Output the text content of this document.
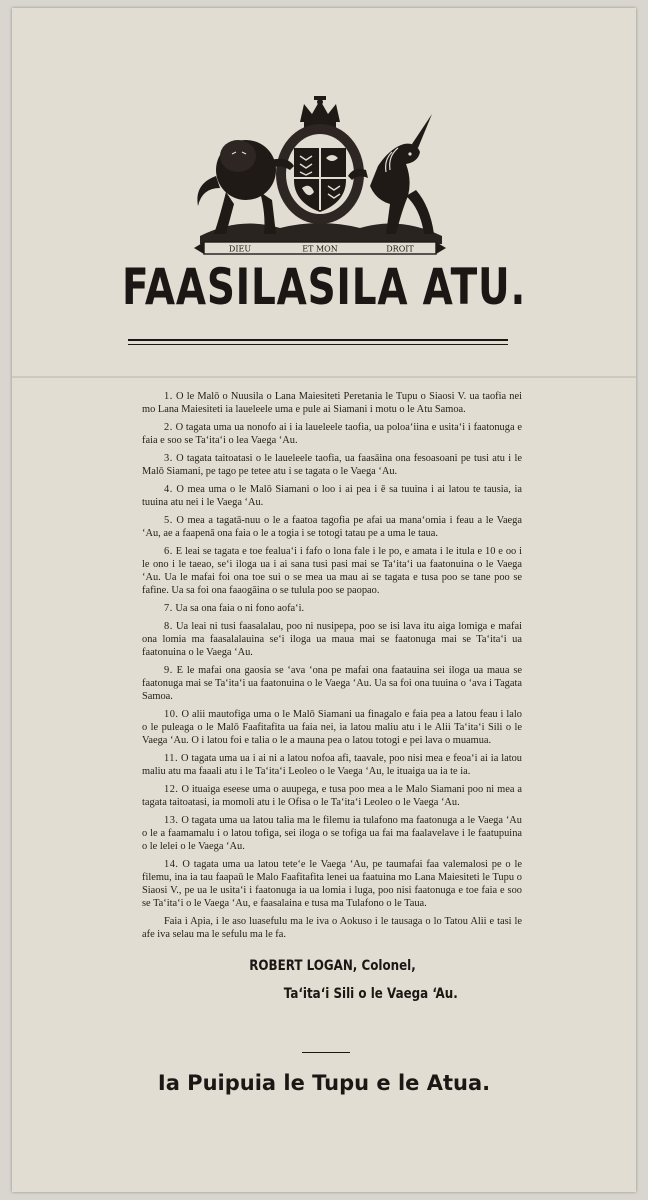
DIEU	ET MON	DROIT
FAASILASILA ATU.

1. O le Malō o Nuusila o Lana Maiesiteti Peretania le Tupu o Siaosi V. ua taofia nei mo Lana Maiesiteti ia laueleele uma e pule ai Siamani i motu o le Atu Samoa.

2. O tagata uma ua nonofo ai i ia laueleele taofia, ua poloa‘iina e usita‘i i faatonuga e faia e soo se Ta‘ita‘i o lea Vaega ‘Au.

3. O tagata taitoatasi o le laueleele taofia, ua faasāina ona fesoasoani pe tusi atu i le Malō Siamani, pe tago pe tetee atu i se tagata o le Vaega ‘Au.

4. O mea uma o le Malō Siamani o loo i ai pea i ē sa tuuina i ai latou te tausia, ia tuuina atu nei i le Vaega ‘Au.

5. O mea a tagatā-nuu o le a faatoa tagofia pe afai ua mana‘omia i feau a le Vaega ‘Au, ae a faapenā ona faia o le a togia i se totogi tatau pe a uma le taua.

6. E leai se tagata e toe fealua‘i i fafo o lona fale i le po, e amata i le itula e 10 e oo i le ono i le taeao, se‘i iloga ua i ai sana tusi pasi mai se Ta‘ita‘i ua faatonuina o le Vaega ‘Au. Ua le mafai foi ona toe sui o se mea ua mau ai se tagata e tusa poo se tane poo se fafine. Ua sa foi ona faaogāina o se tulula poo se paopao.

7. Ua sa ona faia o ni fono aofa‘i.

8. Ua leai ni tusi faasalalau, poo ni nusipepa, poo se isi lava itu aiga lomiga e mafai ona lomia ma faasalalauina se‘i iloga ua maua mai se faatonuga mai se Ta‘ita‘i ua faatonuina o le Vaega ‘Au.

9. E le mafai ona gaosia se ‘ava ‘ona pe mafai ona faatauina sei iloga ua maua se faatonuga mai se Ta‘ita‘i ua faatonuina o le Vaega ‘Au. Ua sa foi ona tuuina o ‘ava i Tagata Samoa.

10. O alii mautofiga uma o le Malō Siamani ua finagalo e faia pea a latou feau i lalo o le puleaga o le Malō Faafitafita ua faia nei, ia latou maliu atu i le Alii Ta‘ita‘i Sili o le Vaega ‘Au. O i latou foi e talia o le a mauna pea o latou totogi e pei lava o muamua.

11. O tagata uma ua i ai ni a latou nofoa afi, taavale, poo nisi mea e feoa‘i ai ia latou maliu atu ma faaali atu i le Ta‘ita‘i Leoleo o le Vaega ‘Au, le ituaiga ua ia te ia.

12. O ituaiga eseese uma o auupega, e tusa poo mea a le Malo Siamani poo ni mea a tagata taitoatasi, ia momoli atu i le Ofisa o le Ta‘ita‘i Leoleo o le Vaega ‘Au.

13. O tagata uma ua latou talia ma le filemu ia tulafono ma faatonuga a le Vaega ‘Au o le a faamamalu i o latou tofiga, sei iloga o se tofiga ua fai ma faalavelave i le faatupuina o le lelei o le Vaega ‘Au.

14. O tagata uma ua latou tete‘e le Vaega ‘Au, pe taumafai faa valemalosi pe o le filemu, ina ia tau faapaū le Malo Faafitafita lenei ua faatuina mo Lana Maiesiteti le Tupu o Siaosi V., pe ua le usita‘i i faatonuga ia ua lomia i luga, poo nisi faatonuga e toe faia e soo se Ta‘ita‘i o le Vaega ‘Au, e faasalaina e tusa ma Tulafono o le Taua.

Faia i Apia, i le aso luasefulu ma le iva o Aokuso i le tausaga o lo Tatou Alii e tasi le afe iva selau ma le sefulu ma le fa.

ROBERT LOGAN, Colonel,

Ta‘ita‘i Sili o le Vaega ‘Au.

Ia Puipuia le Tupu e le Atua.
